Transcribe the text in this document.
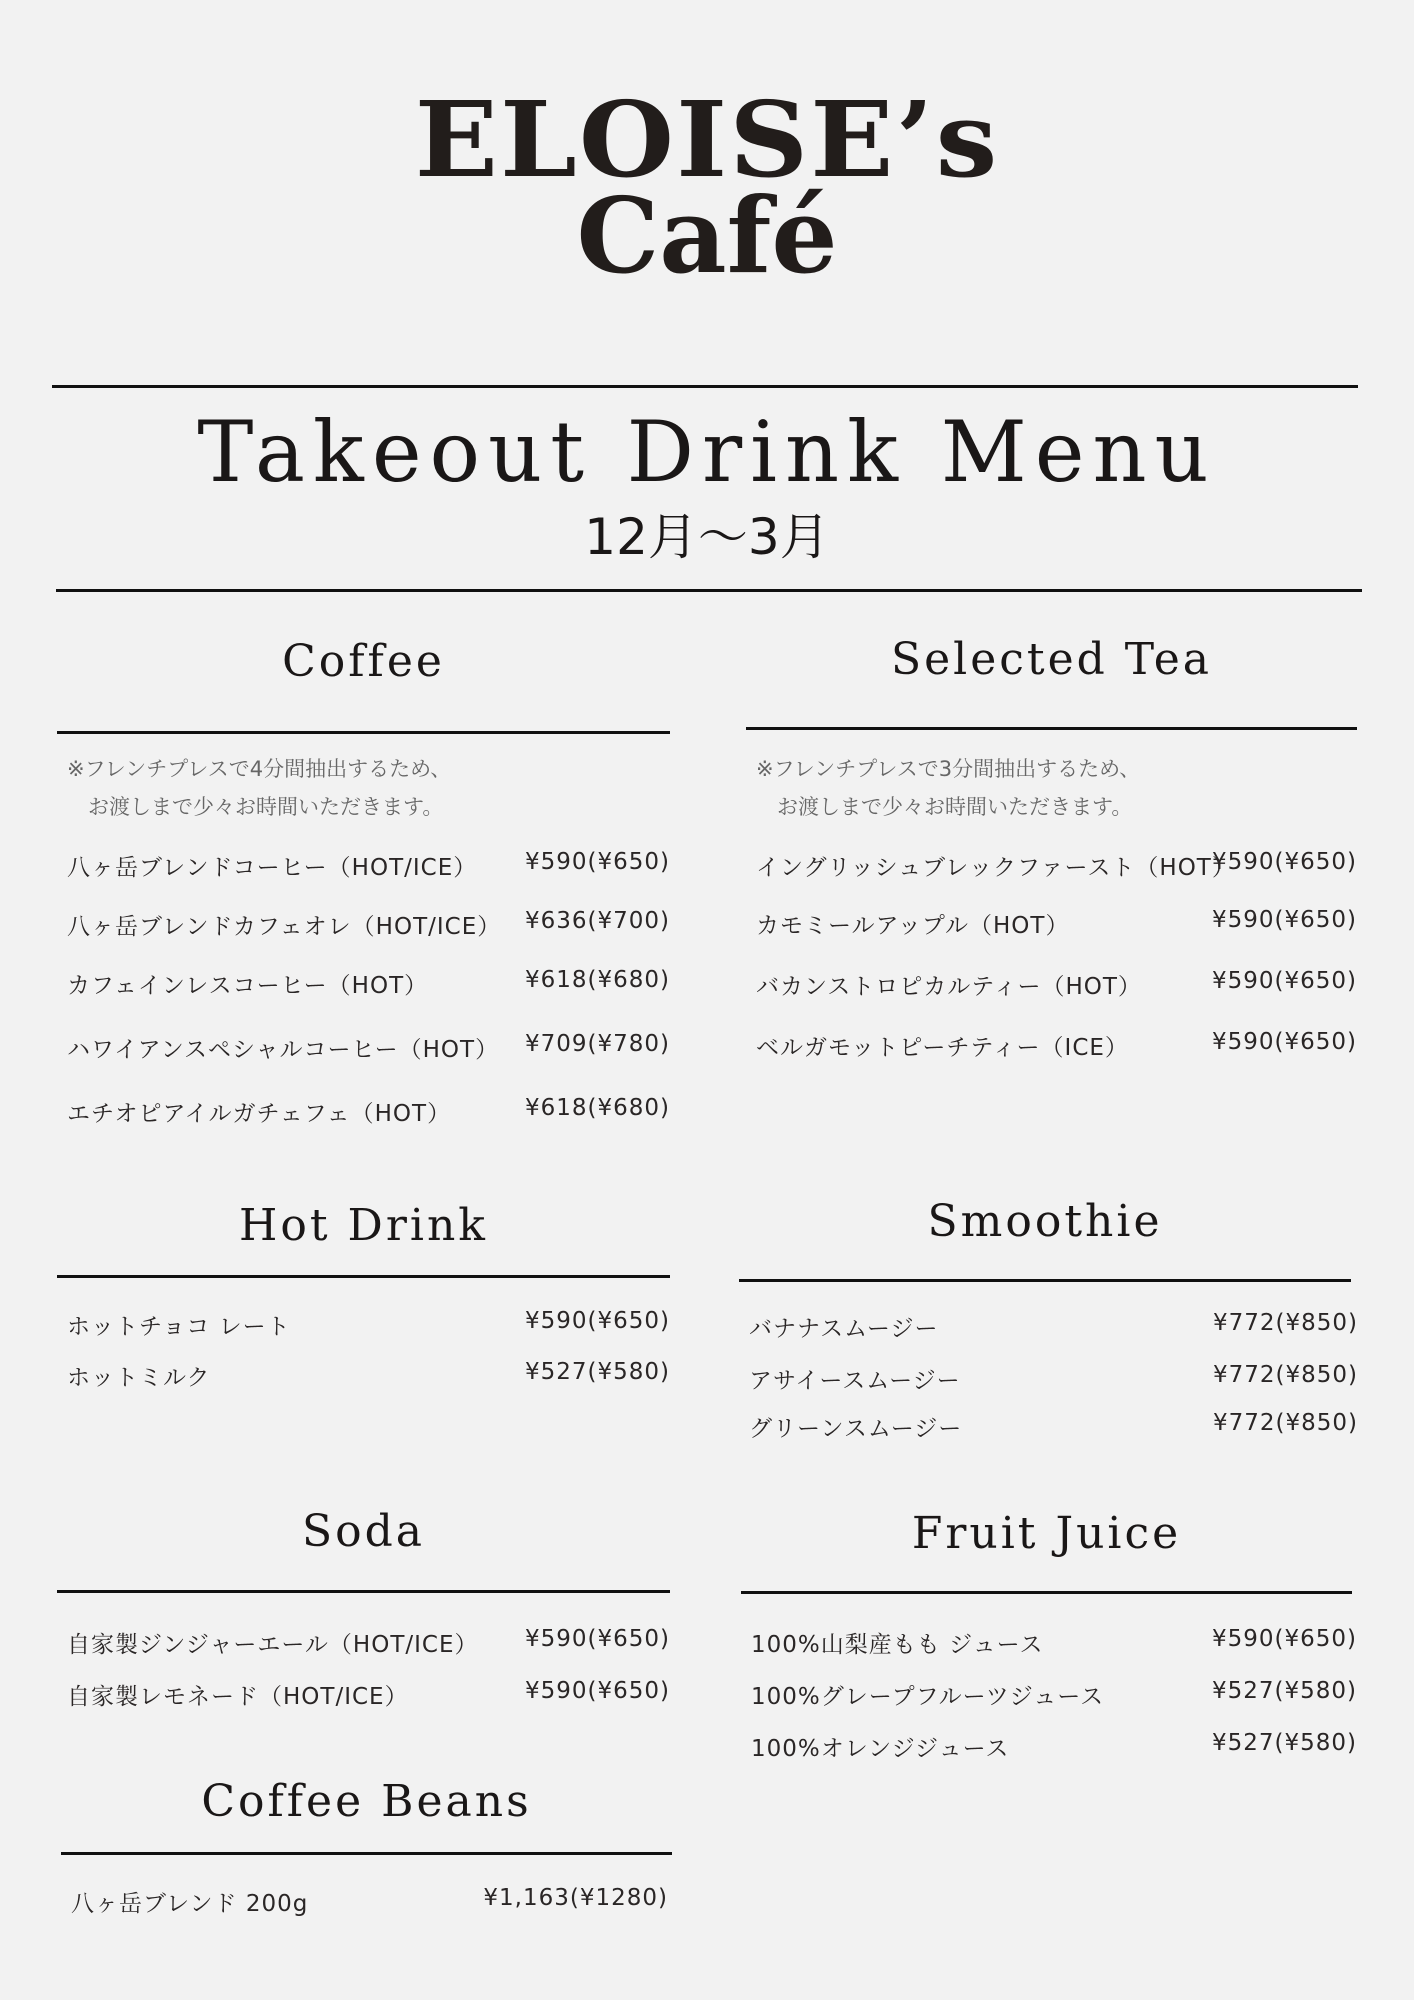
ELOISE’s
Café
Takeout Drink Menu
12月〜3月
Coffee
※フレンチプレスで4分間抽出するため、
　お渡しまで少々お時間いただきます。
八ヶ岳ブレンドコーヒー（HOT/ICE） ¥590(¥650)
八ヶ岳ブレンドカフェオレ（HOT/ICE） ¥636(¥700)
カフェインレスコーヒー（HOT）	¥618(¥680)
ハワイアンスペシャルコーヒー（HOT） ¥709(¥780)
エチオピアイルガチェフェ（HOT）	¥618(¥680)
Selected Tea
※フレンチプレスで3分間抽出するため、
　お渡しまで少々お時間いただきます。
イングリッシュブレックファースト（HOT）
¥590(¥650)
カモミールアップル（HOT）	¥590(¥650)
バカンストロピカルティー（HOT）	¥590(¥650)
ベルガモットピーチティー（ICE）	¥590(¥650)
Hot Drink
ホットチョコ レート	¥590(¥650)
ホットミルク	¥527(¥580)
Smoothie
バナナスムージー	¥772(¥850)
アサイースムージー	¥772(¥850)
グリーンスムージー	¥772(¥850)
Soda
自家製ジンジャーエール（HOT/ICE） ¥590(¥650)
自家製レモネード（HOT/ICE）	¥590(¥650)
Fruit Juice
100%山梨産もも ジュース	¥590(¥650)
100%グレープフルーツジュース	¥527(¥580)
100%オレンジジュース	¥527(¥580)
Coffee Beans
八ヶ岳ブレンド 200g	¥1,163(¥1280)
